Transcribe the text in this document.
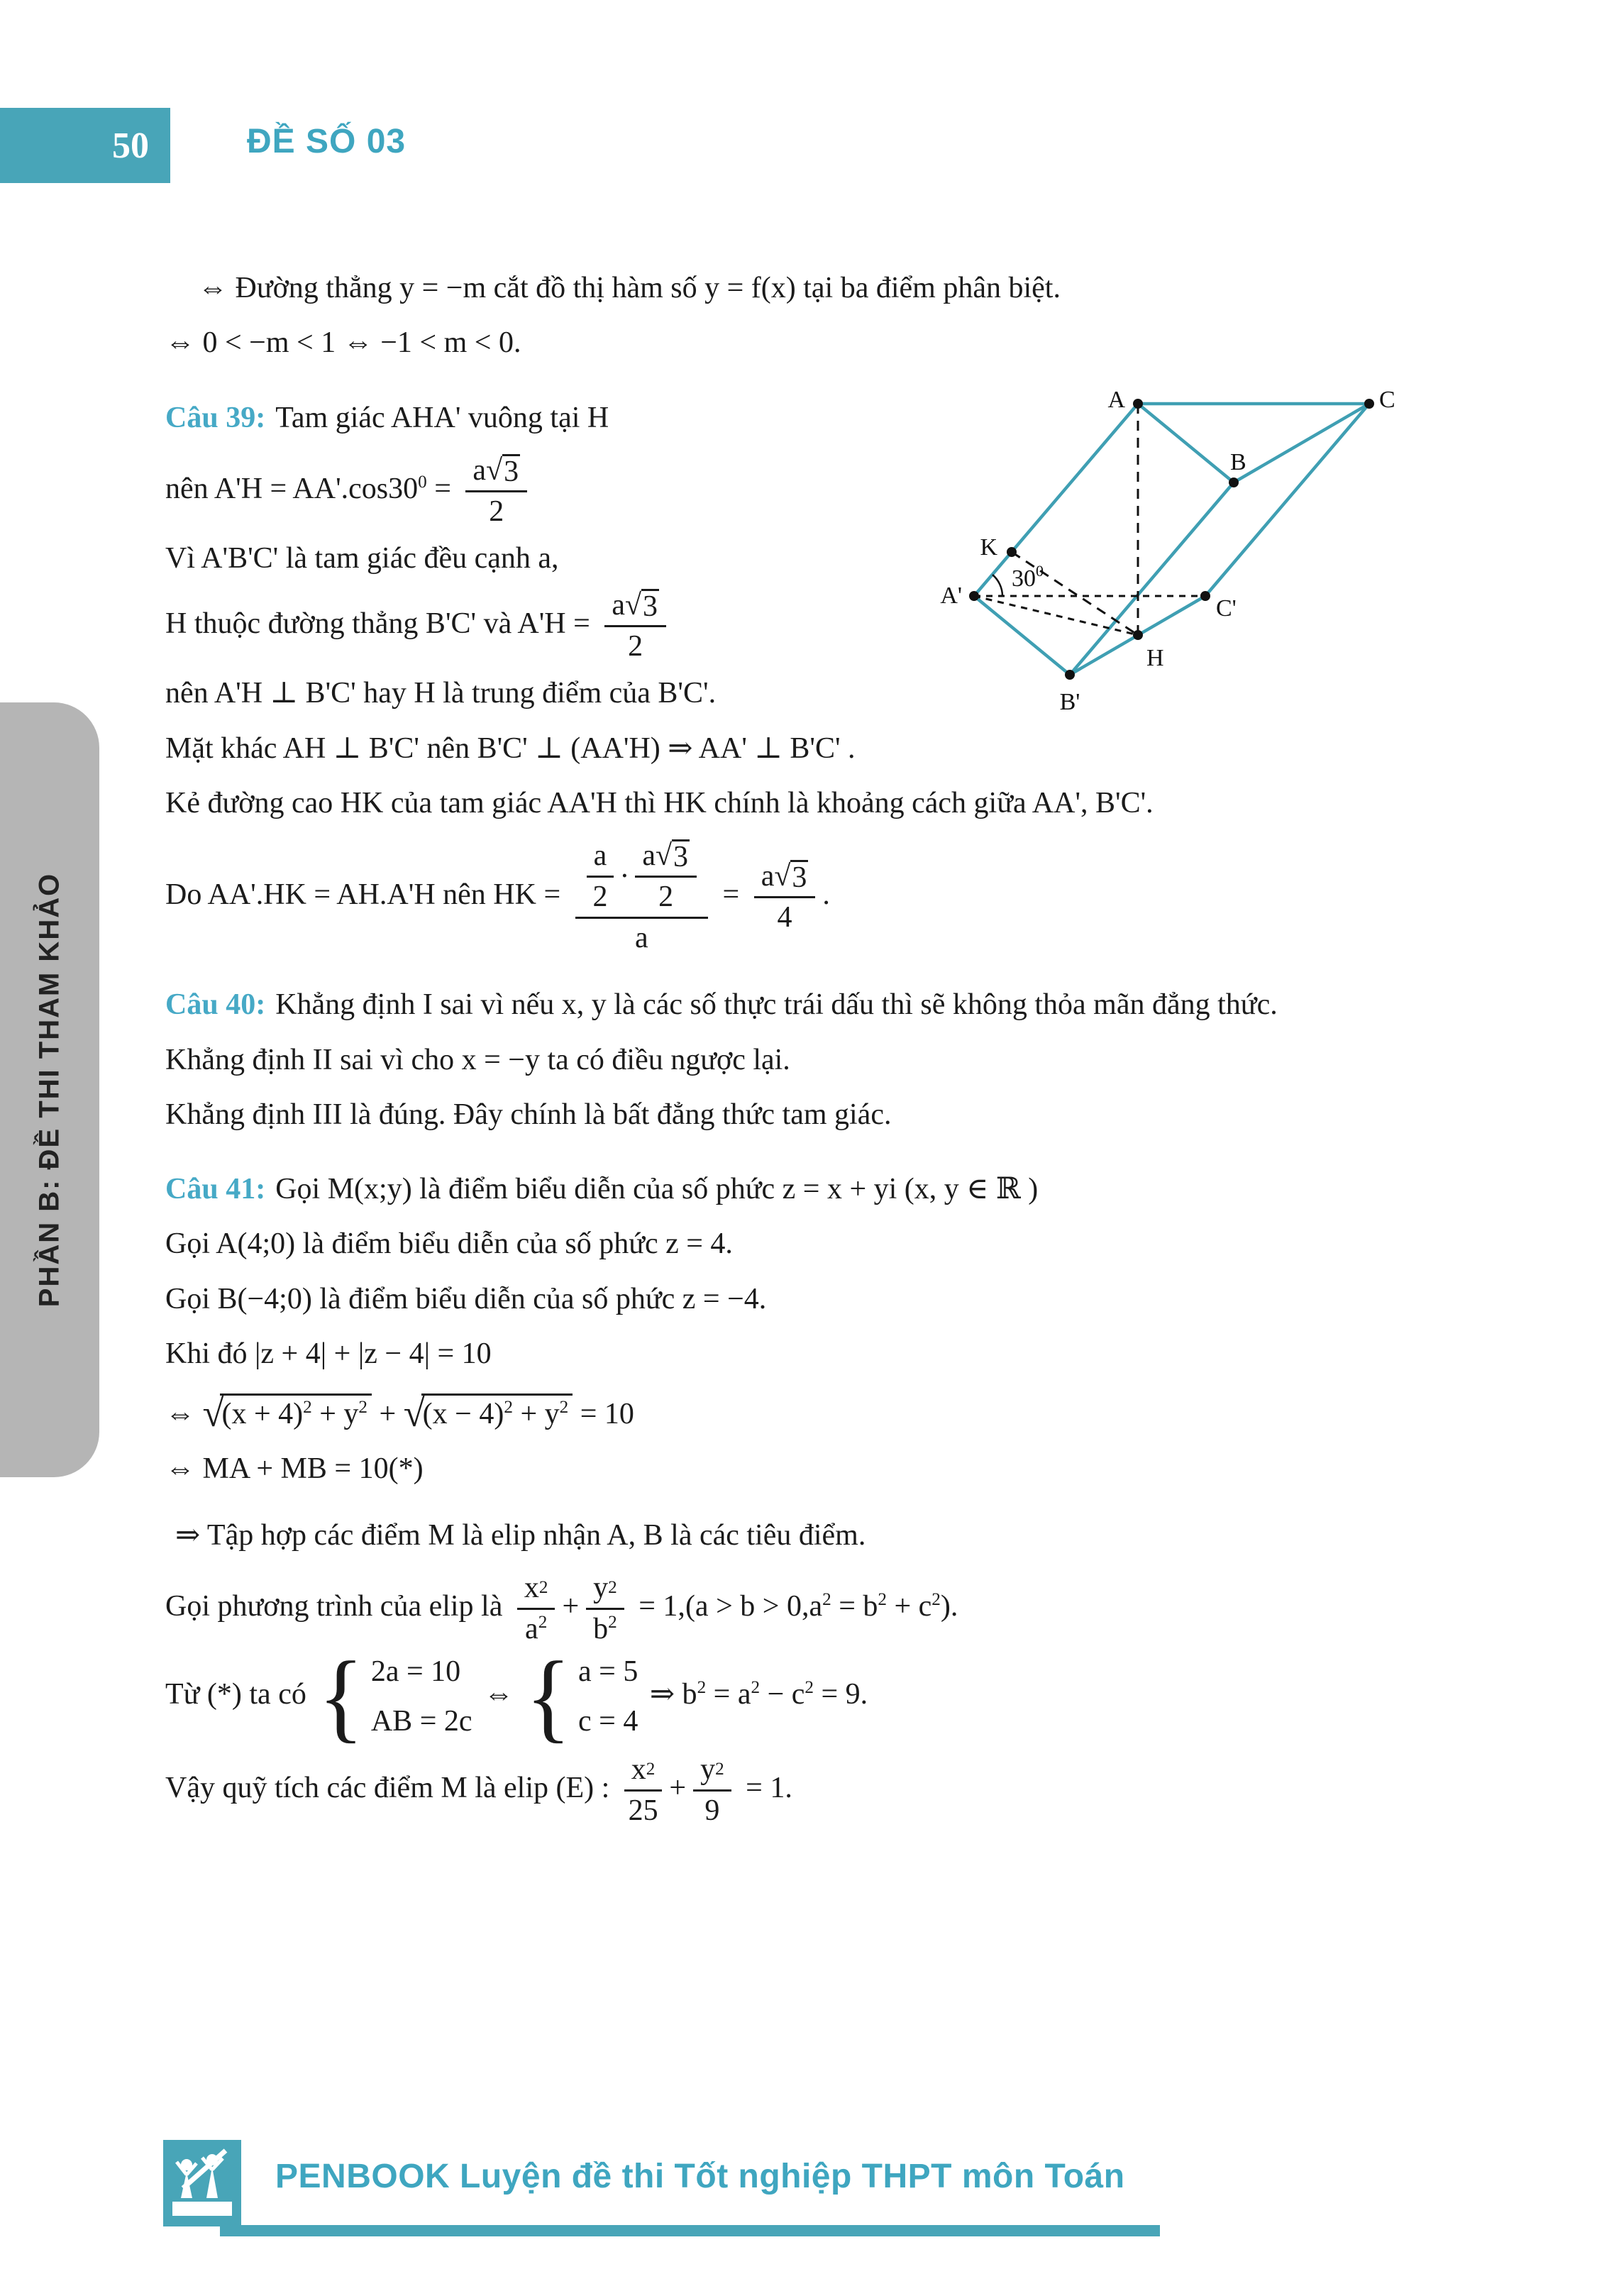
50	ĐỀ SỐ 03
PHẦN B: ĐỀ THI THAM KHẢO

⇔ Đường thẳng y = −m cắt đồ thị hàm số y = f(x) tại ba điểm phân biệt.

⇔ 0 < −m < 1 ⇔ −1 < m < 0.

Câu 39: Tam giác AHA' vuông tại H

nên $A'H = AA'.\cos 30^0 = \frac{a√ 3}{2}$

Vì A'B'C' là tam giác đều cạnh a,

H thuộc đường thẳng B'C' và $A'H = \frac{a√ 3}{2}$

nên A'H ⊥ B'C' hay H là trung điểm của B'C'.

Mặt khác AH ⊥ B'C' nên B'C' ⊥ (AA'H) ⇒ AA' ⊥ B'C' .

Kẻ đường cao HK của tam giác AA'H thì HK chính là khoảng cách giữa AA', B'C'.

Do AA'.HK = AH.A'H nên HK = $\frac{\frac{a}{2} \cdot \frac{a√ 3}{2}}{a} = \frac{a√ 3}{4}$ .

Câu 40: Khẳng định I sai vì nếu x, y là các số thực trái dấu thì sẽ không thỏa mãn đẳng thức.

Khẳng định II sai vì cho x = −y ta có điều ngược lại.

Khẳng định III là đúng. Đây chính là bất đẳng thức tam giác.

Câu 41: Gọi M(x;y) là điểm biểu diễn của số phức z = x + yi (x, y ∈ ℝ )

Gọi A(4;0) là điểm biểu diễn của số phức z = 4.

Gọi B(−4;0) là điểm biểu diễn của số phức z = −4.

Khi đó |z + 4| + |z − 4| = 10

⇔ $√(x + 4)^2 + y^2 + √(x - 4)^2 + y^2 = 10$

⇔ MA + MB = 10(*)

⇒ Tập hợp các điểm M là elip nhận A, B là các tiêu điểm.

Gọi phương trình của elip là $\frac{x 2}{a^2} + \frac{y 2}{b^2} = 1,(a > b > 0,a^2 = b^2 + c^2)$.

Từ (*) ta có { 2a = 10
AB = 2c
⇔ { a = 5
c = 4
⇒ $b^2 = a^2 - c^2 = 9$.

Vậy quỹ tích các điểm M là elip (E) : $\frac{x 2}{25} + \frac{y 2}{9} = 1$.

$30^0$
A	C
B
K
A'	C'
H
B'
PENBOOK Luyện đề thi Tốt nghiệp THPT môn Toán
